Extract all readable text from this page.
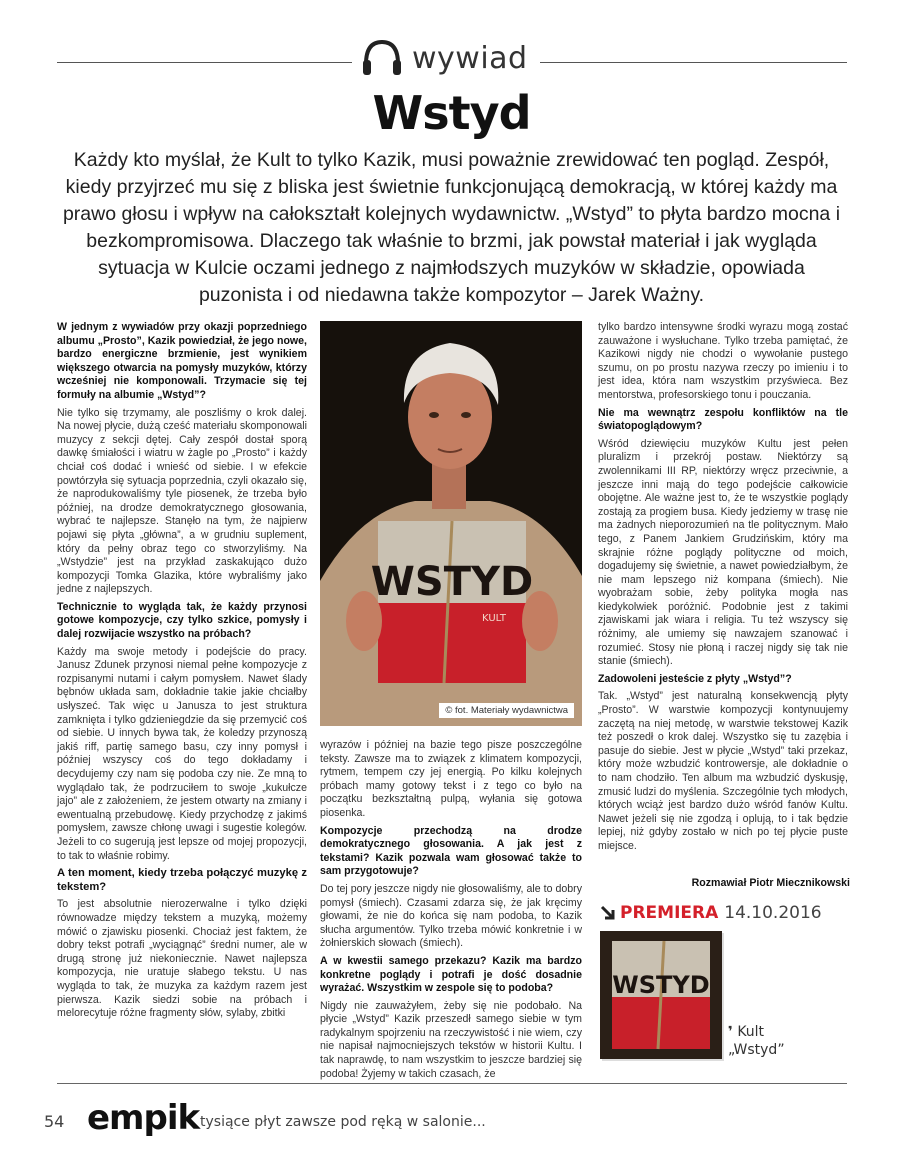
wywiad
Wstyd

Każdy kto myślał, że Kult to tylko Kazik, musi poważnie zrewidować ten pogląd. Zespół, kiedy przyjrzeć mu się z bliska jest świetnie funkcjonującą demokracją, w której każdy ma prawo głosu i wpływ na całokształt kolejnych wydawnictw. „Wstyd” to płyta bardzo mocna i bezkompromisowa. Dlaczego tak właśnie to brzmi, jak powstał materiał i jak wygląda sytuacja w Kulcie oczami jednego z najmłodszych muzyków w składzie, opowiada puzonista i od niedawna także kompozytor – Jarek Ważny.

W jednym z wywiadów przy okazji poprzedniego albumu „Prosto”, Kazik powiedział, że jego nowe, bardzo energiczne brzmienie, jest wynikiem większego otwarcia na pomysły muzyków, którzy wcześniej nie komponowali. Trzymacie się tej formuły na albumie „Wstyd”?

Nie tylko się trzymamy, ale poszliśmy o krok dalej. Na nowej płycie, dużą cześć materiału skomponowali muzycy z sekcji dętej. Cały zespół dostał sporą dawkę śmiałości i wiatru w żagle po „Prosto” i każdy chciał coś dodać i wnieść od siebie. I w efekcie powtórzyła się sytuacja poprzednia, czyli okazało się, że naprodukowaliśmy tyle piosenek, że trzeba było później, na drodze demokratycznego głosowania, wybrać te najlepsze. Stanęło na tym, że najpierw pojawi się płyta „główna”, a w grudniu suplement, który da pełny obraz tego co stworzyliśmy. Na „Wstydzie” jest na przykład zaskakująco dużo kompozycji Tomka Glazika, które wybraliśmy jako jedne z najlepszych.

Technicznie to wygląda tak, że każdy przynosi gotowe kompozycje, czy tylko szkice, pomysły i dalej rozwijacie wszystko na próbach?

Każdy ma swoje metody i podejście do pracy. Janusz Zdunek przynosi niemal pełne kompozycje z rozpisanymi nutami i całym pomysłem. Nawet ślady bębnów układa sam, dokładnie takie jakie chciałby usłyszeć. Tak więc u Janusza to jest struktura zamknięta i tylko gdzieniegdzie da się przemycić coś od siebie. U innych bywa tak, że koledzy przynoszą jakiś riff, partię samego basu, czy inny pomysł i później wszyscy coś do tego dokładamy i decydujemy czy nam się podoba czy nie. Ze mną to wyglądało tak, że podrzuciłem to swoje „kukułcze jajo” ale z założeniem, że jestem otwarty na zmiany i ewentualną przebudowę. Kiedy przychodzę z jakimś pomysłem, zawsze chłonę uwagi i sugestie kolegów. Jeżeli to co sugerują jest lepsze od mojej propozycji, to tak to właśnie robimy.

A ten moment, kiedy trzeba połączyć muzykę z tekstem?

To jest absolutnie nierozerwalne i tylko dzięki równowadze między tekstem a muzyką, możemy mówić o zjawisku piosenki. Chociaż jest faktem, że dobry tekst potrafi „wyciągnąć” średni numer, ale w drugą stronę już niekoniecznie. Nawet najlepsza kompozycja, nie uratuje słabego tekstu. U nas wygląda to tak, że muzyka za każdym razem jest pierwsza. Kazik siedzi sobie na próbach i melorecytuje różne fragmenty słów, sylaby, zbitki

WSTYD
KULT
© fot. Materiały wydawnictwa

wyrazów i później na bazie tego pisze poszczególne teksty. Zawsze ma to związek z klimatem kompozycji, rytmem, tempem czy jej energią. Po kilku kolejnych próbach mamy gotowy tekst i z tego co było na początku bezkształtną pulpą, wyłania się gotowa piosenka.

Kompozycje przechodzą na drodze demokratycznego głosowania. A jak jest z tekstami? Kazik pozwala wam głosować także to sam przygotowuje?

Do tej pory jeszcze nigdy nie głosowaliśmy, ale to dobry pomysł (śmiech). Czasami zdarza się, że jak kręcimy głowami, że nie do końca się nam podoba, to Kazik słucha argumentów. Tylko trzeba mówić konkretnie i w żołnierskich słowach (śmiech).

A w kwestii samego przekazu? Kazik ma bardzo konkretne poglądy i potrafi je dość dosadnie wyrażać. Wszystkim w zespole się to podoba?

Nigdy nie zauważyłem, żeby się nie podobało. Na płycie „Wstyd” Kazik przeszedł samego siebie w tym radykalnym spojrzeniu na rzeczywistość i nie wiem, czy nie napisał najmocniejszych tekstów w historii Kultu. I tak naprawdę, to nam wszystkim to jeszcze bardziej się podoba! Żyjemy w takich czasach, że

tylko bardzo intensywne środki wyrazu mogą zostać zauważone i wysłuchane. Tylko trzeba pamiętać, że Kazikowi nigdy nie chodzi o wywołanie pustego szumu, on po prostu nazywa rzeczy po imieniu i to jest idea, która nam wszystkim przyświeca. Bez mentorstwa, profesorskiego tonu i pouczania.

Nie ma wewnątrz zespołu konfliktów na tle światopoglądowym?

Wśród dziewięciu muzyków Kultu jest pełen pluralizm i przekrój postaw. Niektórzy są zwolennikami III RP, niektórzy wręcz przeciwnie, a jeszcze inni mają do tego podejście całkowicie obojętne. Ale ważne jest to, że te wszystkie poglądy zostają za progiem busa. Kiedy jedziemy w trasę nie ma żadnych nieporozumień na tle politycznym. Mało tego, z Panem Jankiem Grudzińskim, który ma skrajnie różne poglądy polityczne od moich, dogadujemy się świetnie, a nawet powiedziałbym, że nie mam lepszego niż kompana (śmiech). Nie wyobrażam sobie, żeby polityka mogła nas kiedykolwiek poróżnić. Podobnie jest z takimi zjawiskami jak wiara i religia. Tu też wszyscy się różnimy, ale umiemy się nawzajem szanować i rozumieć. Stosy nie płoną i raczej nigdy się tak nie stanie (śmiech).

Zadowoleni jesteście z płyty „Wstyd”?

Tak. „Wstyd” jest naturalną konsekwencją płyty „Prosto”. W warstwie kompozycji kontynuujemy zaczętą na niej metodę, w warstwie tekstowej Kazik też poszedł o krok dalej. Wszystko się tu zazębia i pasuje do siebie. Jest w płycie „Wstyd” taki przekaz, który może wzbudzić kontrowersje, ale dokładnie o to nam chodziło. Ten album ma wzbudzić dyskusję, zmusić ludzi do myślenia. Szczególnie tych młodych, których wciąż jest bardzo dużo wśród fanów Kultu. Nawet jeżeli się nie zgodzą i oplują, to i tak będzie lepiej, niż gdyby zostało w nich po tej płycie puste miejsce.

Rozmawiał Piotr Miecznikowski
PREMIERA 14.10.2016
WSTYD
❜ Kult
„Wstyd”
54 empik tysiące płyt zawsze pod ręką w salonie...
